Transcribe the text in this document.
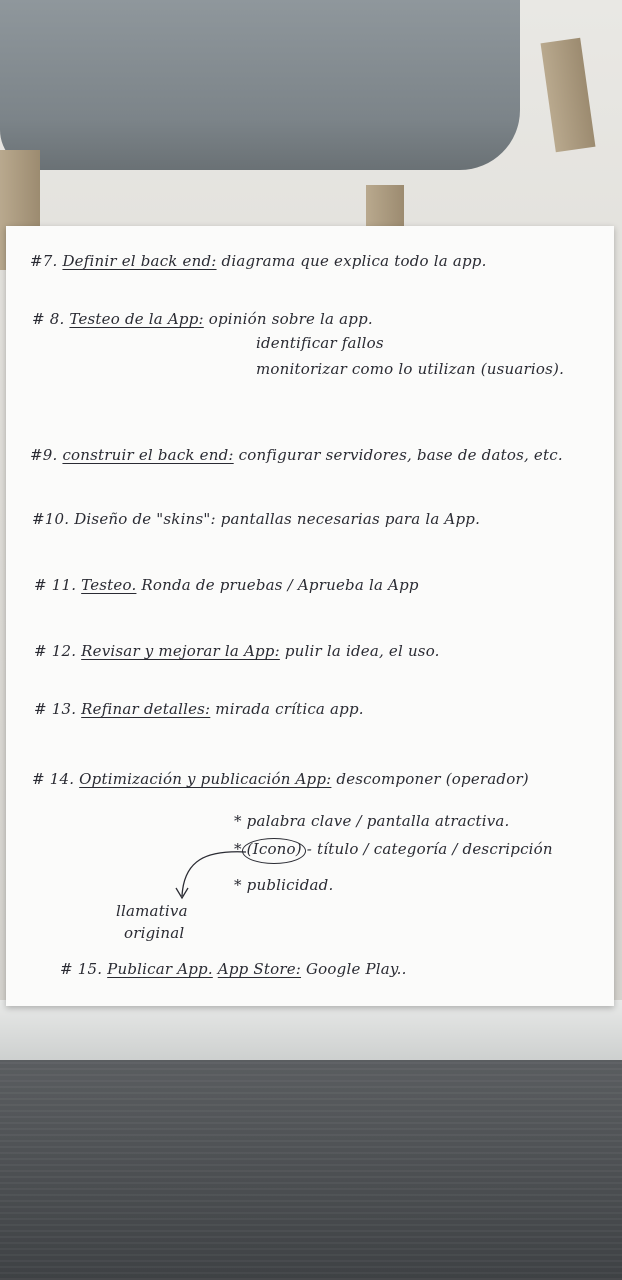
#7. Definir el back end: diagrama que explica todo la app.
# 8. Testeo de la App: opinión sobre la app.
identificar fallos
monitorizar como lo utilizan (usuarios).
#9. construir el back end: configurar servidores, base de datos, etc.
#10. Diseño de "skins": pantallas necesarias para la App.
# 11. Testeo. Ronda de pruebas / Aprueba la App
# 12. Revisar y mejorar la App: pulir la idea, el uso.
# 13. Refinar detalles: mirada crítica app.
# 14. Optimización y publicación App: descomponer (operador)
* palabra clave / pantalla atractiva.
* (Icono) - título / categoría / descripción
* publicidad.
llamativa
original
# 15. Publicar App. App Store: Google Play..
